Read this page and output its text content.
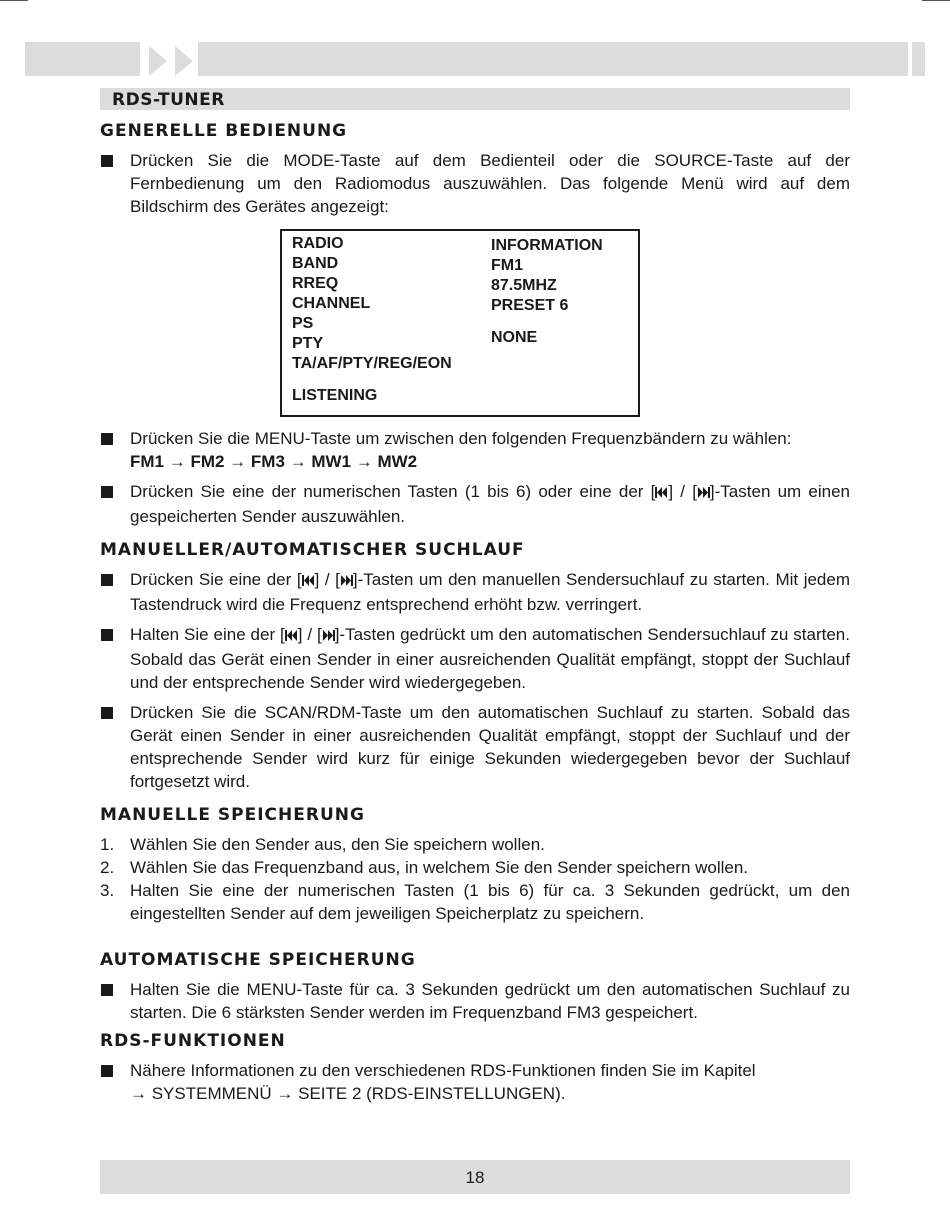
RDS-TUNER
GENERELLE BEDIENUNG
Drücken Sie die MODE-Taste auf dem Bedienteil oder die SOURCE-Taste auf der Fernbedienung um den Radiomodus auszuwählen. Das folgende Menü wird auf dem Bildschirm des Gerätes angezeigt:
RADIO
BAND
RREQ
CHANNEL
PS
PTY
TA/AF/PTY/REG/EON
LISTENING
INFORMATION
FM1
87.5MHZ
PRESET 6
NONE
Drücken Sie die MENU-Taste um zwischen den folgenden Frequenzbändern zu wählen:
FM1 → FM2 → FM3 → MW1 → MW2
Drücken Sie eine der numerischen Tasten (1 bis 6) oder eine der [ ] / [ ]-Tasten um einen gespeicherten Sender auszuwählen.
MANUELLER/AUTOMATISCHER SUCHLAUF
Drücken Sie eine der [ ] / [ ]-Tasten um den manuellen Sendersuchlauf zu starten. Mit jedem Tastendruck wird die Frequenz entsprechend erhöht bzw. verringert.
Halten Sie eine der [ ] / [ ]-Tasten gedrückt um den automatischen Sendersuchlauf zu starten. Sobald das Gerät einen Sender in einer ausreichenden Qualität empfängt, stoppt der Suchlauf und der entsprechende Sender wird wiedergegeben.
Drücken Sie die SCAN/RDM-Taste um den automatischen Suchlauf zu starten. Sobald das Gerät einen Sender in einer ausreichenden Qualität empfängt, stoppt der Suchlauf und der entsprechende Sender wird kurz für einige Sekunden wiedergegeben bevor der Suchlauf fortgesetzt wird.
MANUELLE SPEICHERUNG
1. Wählen Sie den Sender aus, den Sie speichern wollen.
2. Wählen Sie das Frequenzband aus, in welchem Sie den Sender speichern wollen.
3. Halten Sie eine der numerischen Tasten (1 bis 6) für ca. 3 Sekunden gedrückt, um den eingestellten Sender auf dem jeweiligen Speicherplatz zu speichern.
AUTOMATISCHE SPEICHERUNG
Halten Sie die MENU-Taste für ca. 3 Sekunden gedrückt um den automatischen Suchlauf zu starten. Die 6 stärksten Sender werden im Frequenzband FM3 gespeichert.
RDS-FUNKTIONEN
Nähere Informationen zu den verschiedenen RDS-Funktionen finden Sie im Kapitel → SYSTEMMENÜ → SEITE 2 (RDS-EINSTELLUNGEN).
18
